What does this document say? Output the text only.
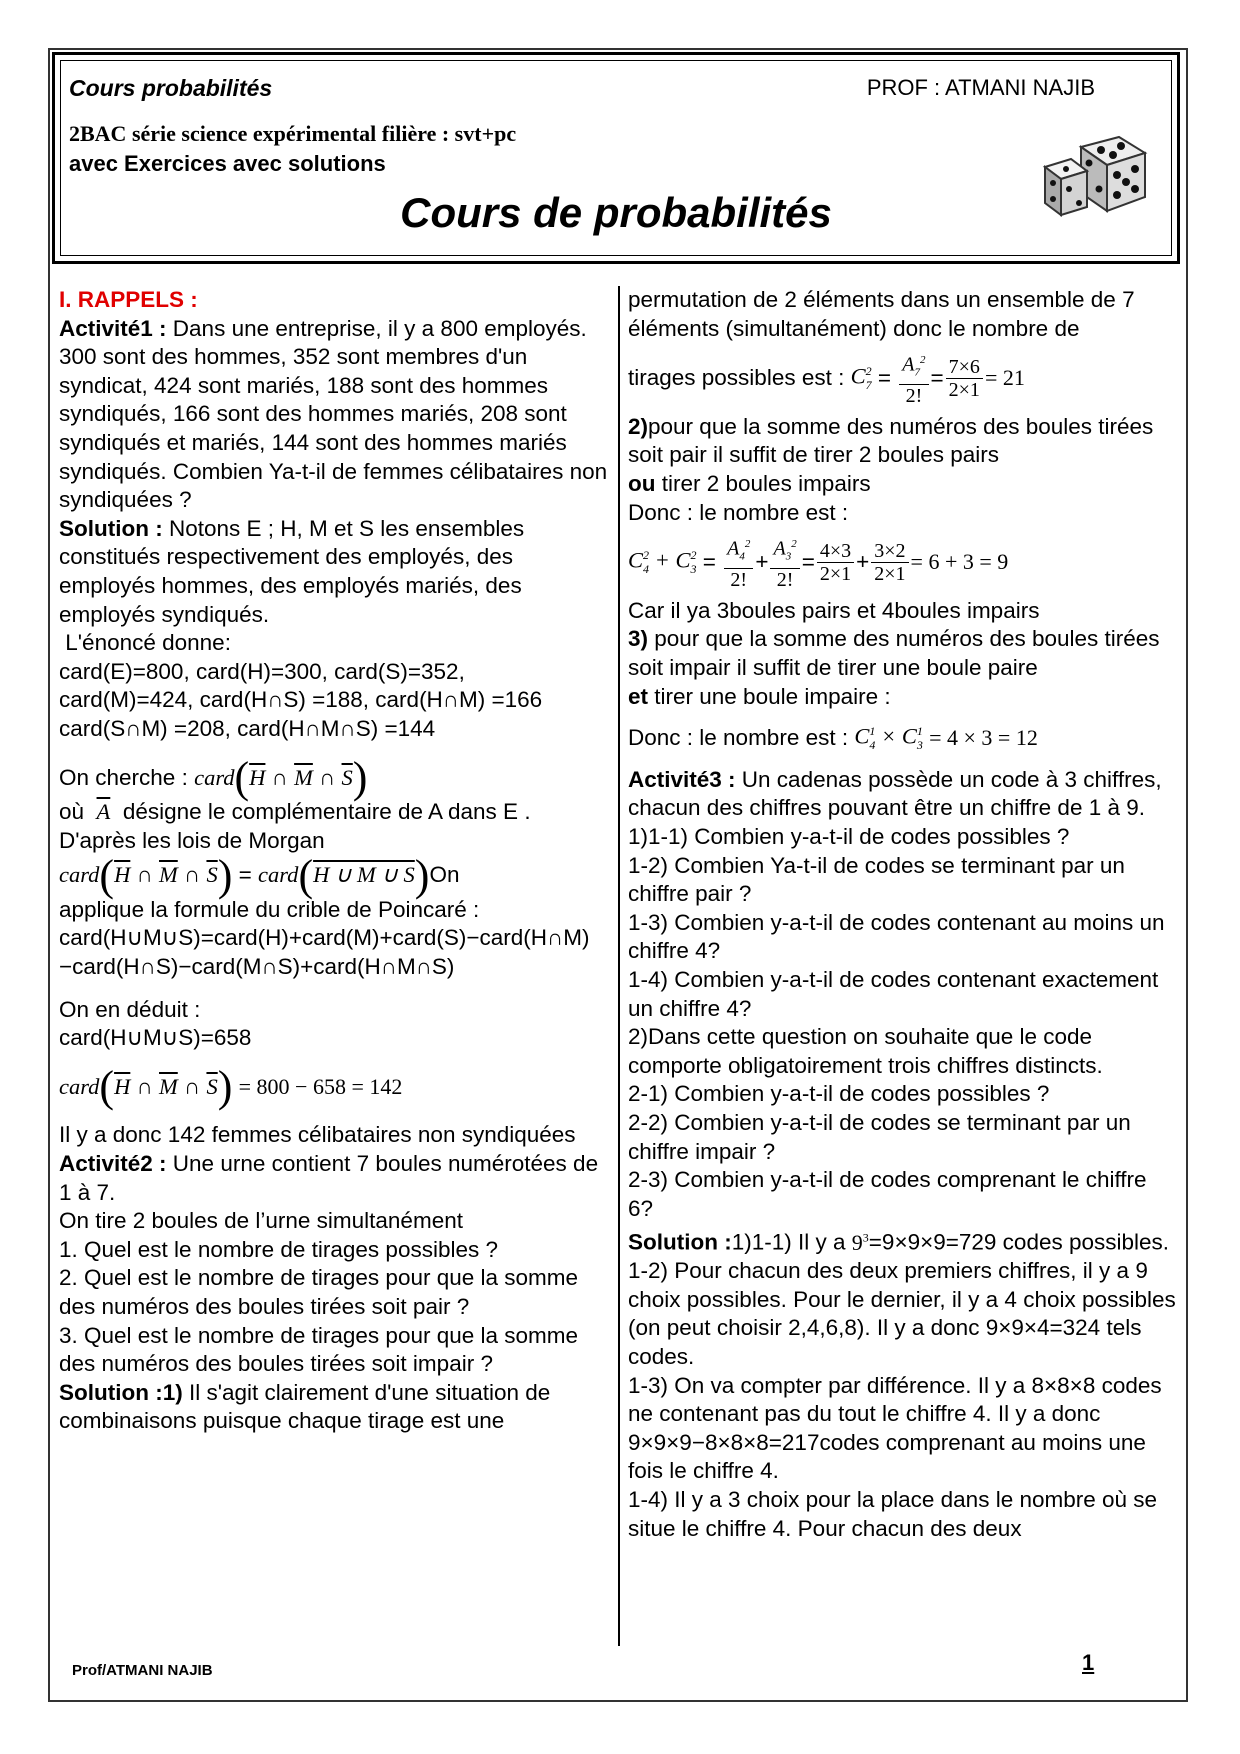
Cours probabilités	PROF : ATMANI NAJIB
2BAC série science expérimental filière : svt+pc
avec Exercices avec solutions
Cours de probabilités

I. RAPPELS :

Activité1 : Dans une entreprise, il y a 800 employés. 300 sont des hommes, 352 sont membres d'un syndicat, 424 sont mariés, 188 sont des hommes syndiqués, 166 sont des hommes mariés, 208 sont syndiqués et mariés, 144 sont des hommes mariés syndiqués. Combien Ya-t-il de femmes célibataires non syndiquées ?

Solution : Notons E ; H, M et S les ensembles constitués respectivement des employés, des employés hommes, des employés mariés, des employés syndiqués.

L'énoncé donne:

card(E)=800, card(H)=300, card(S)=352,

card(M)=424, card(H∩S) =188, card(H∩M) =166

card(S∩M) =208, card(H∩M∩S) =144

On cherche :
card ( $\overline{H}$ ∩ $\overline{M}$ ∩ $\overline{S}$ )

où $\overline{A}$ désigne le complémentaire de A dans E .

D'après les lois de Morgan

card ( $\overline{H}$ ∩ $\overline{M}$ ∩ $\overline{S}$ ) = card ( H ∪ M ∪ S ) On

applique la formule du crible de Poincaré :

card(H∪M∪S)=card(H)+card(M)+card(S)−card(H∩M)−card(H∩S)−card(M∩S)+card(H∩M∩S)

On en déduit :

card(H∪M∪S)=658

card ( $\overline{H}$ ∩ $\overline{M}$ ∩ $\overline{S}$ )
= 800 − 658 = 142

Il y a donc 142 femmes célibataires non syndiquées

Activité2 : Une urne contient 7 boules numérotées de 1 à 7.

On tire 2 boules de l’urne simultanément

1. Quel est le nombre de tirages possibles ?

2. Quel est le nombre de tirages pour que la somme des numéros des boules tirées soit pair ?

3. Quel est le nombre de tirages pour que la somme des numéros des boules tirées soit impair ?

Solution :1) Il s'agit clairement d'une situation de combinaisons puisque chaque tirage est une

permutation de 2 éléments dans un ensemble de 7 éléments (simultanément) donc le nombre de

tirages possibles est :
$C_7^2 = \frac{A_7^2}{2!} = \frac{7\times 6}{2\times 1} = 21$

2)pour que la somme des numéros des boules tirées soit pair il suffit de tirer 2 boules pairs

ou tirer 2 boules impairs

Donc : le nombre est :

$C_4^2 + C_3^2 = \frac{A_4^2}{2!} + \frac{A_3^2}{2!} = \frac{4\times 3}{2\times 1} + \frac{3\times 2}{2\times 1} = 6 + 3 = 9$

Car il ya 3boules pairs et 4boules impairs

3) pour que la somme des numéros des boules tirées soit impair il suffit de tirer une boule paire

et tirer une boule impaire :

Donc : le nombre est :
$C_4^1 \times C_3^1$
= 4 × 3 = 12

Activité3 : Un cadenas possède un code à 3 chiffres, chacun des chiffres pouvant être un chiffre de 1 à 9.

1)1-1) Combien y-a-t-il de codes possibles ?

1-2) Combien Ya-t-il de codes se terminant par un chiffre pair ?

1-3) Combien y-a-t-il de codes contenant au moins un chiffre 4?

1-4) Combien y-a-t-il de codes contenant exactement un chiffre 4?

2)Dans cette question on souhaite que le code comporte obligatoirement trois chiffres distincts.

2-1) Combien y-a-t-il de codes possibles ?

2-2) Combien y-a-t-il de codes se terminant par un chiffre impair ?

2-3) Combien y-a-t-il de codes comprenant le chiffre 6?

Solution :1)1-1) Il y a $9^3=9\times 9\times 9=729$ codes possibles.

1-2) Pour chacun des deux premiers chiffres, il y a 9 choix possibles. Pour le dernier, il y a 4 choix possibles (on peut choisir 2,4,6,8). Il y a donc 9×9×4=324 tels codes.

1-3) On va compter par différence. Il y a 8×8×8 codes ne contenant pas du tout le chiffre 4. Il y a donc 9×9×9−8×8×8=217codes comprenant au moins une fois le chiffre 4.

1-4) Il y a 3 choix pour la place dans le nombre où se situe le chiffre 4. Pour chacun des deux

Prof/ATMANI NAJIB	1
